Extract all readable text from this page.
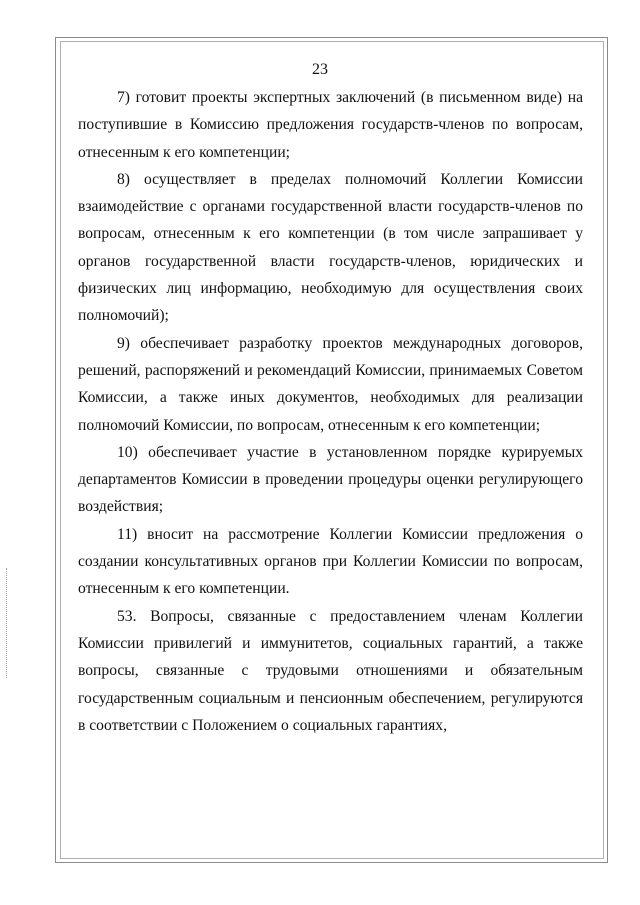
23

7) готовит проекты экспертных заключений (в письменном виде) на поступившие в Комиссию предложения государств-членов по вопросам, отнесенным к его компетенции;

8) осуществляет в пределах полномочий Коллегии Комиссии взаимодействие с органами государственной власти государств-членов по вопросам, отнесенным к его компетенции (в том числе запрашивает у органов государственной власти государств-членов, юридических и физических лиц информацию, необходимую для осуществления своих полномочий);

9) обеспечивает разработку проектов международных договоров, решений, распоряжений и рекомендаций Комиссии, принимаемых Советом Комиссии, а также иных документов, необходимых для реализации полномочий Комиссии, по вопросам, отнесенным к его компетенции;

10) обеспечивает участие в установленном порядке курируемых департаментов Комиссии в проведении процедуры оценки регулирующего воздействия;

11) вносит на рассмотрение Коллегии Комиссии предложения о создании консультативных органов при Коллегии Комиссии по вопросам, отнесенным к его компетенции.

53. Вопросы, связанные с предоставлением членам Коллегии Комиссии привилегий и иммунитетов, социальных гарантий, а также вопросы, связанные с трудовыми отношениями и обязательным государственным социальным и пенсионным обеспечением, регулируются в соответствии с Положением о социальных гарантиях,
